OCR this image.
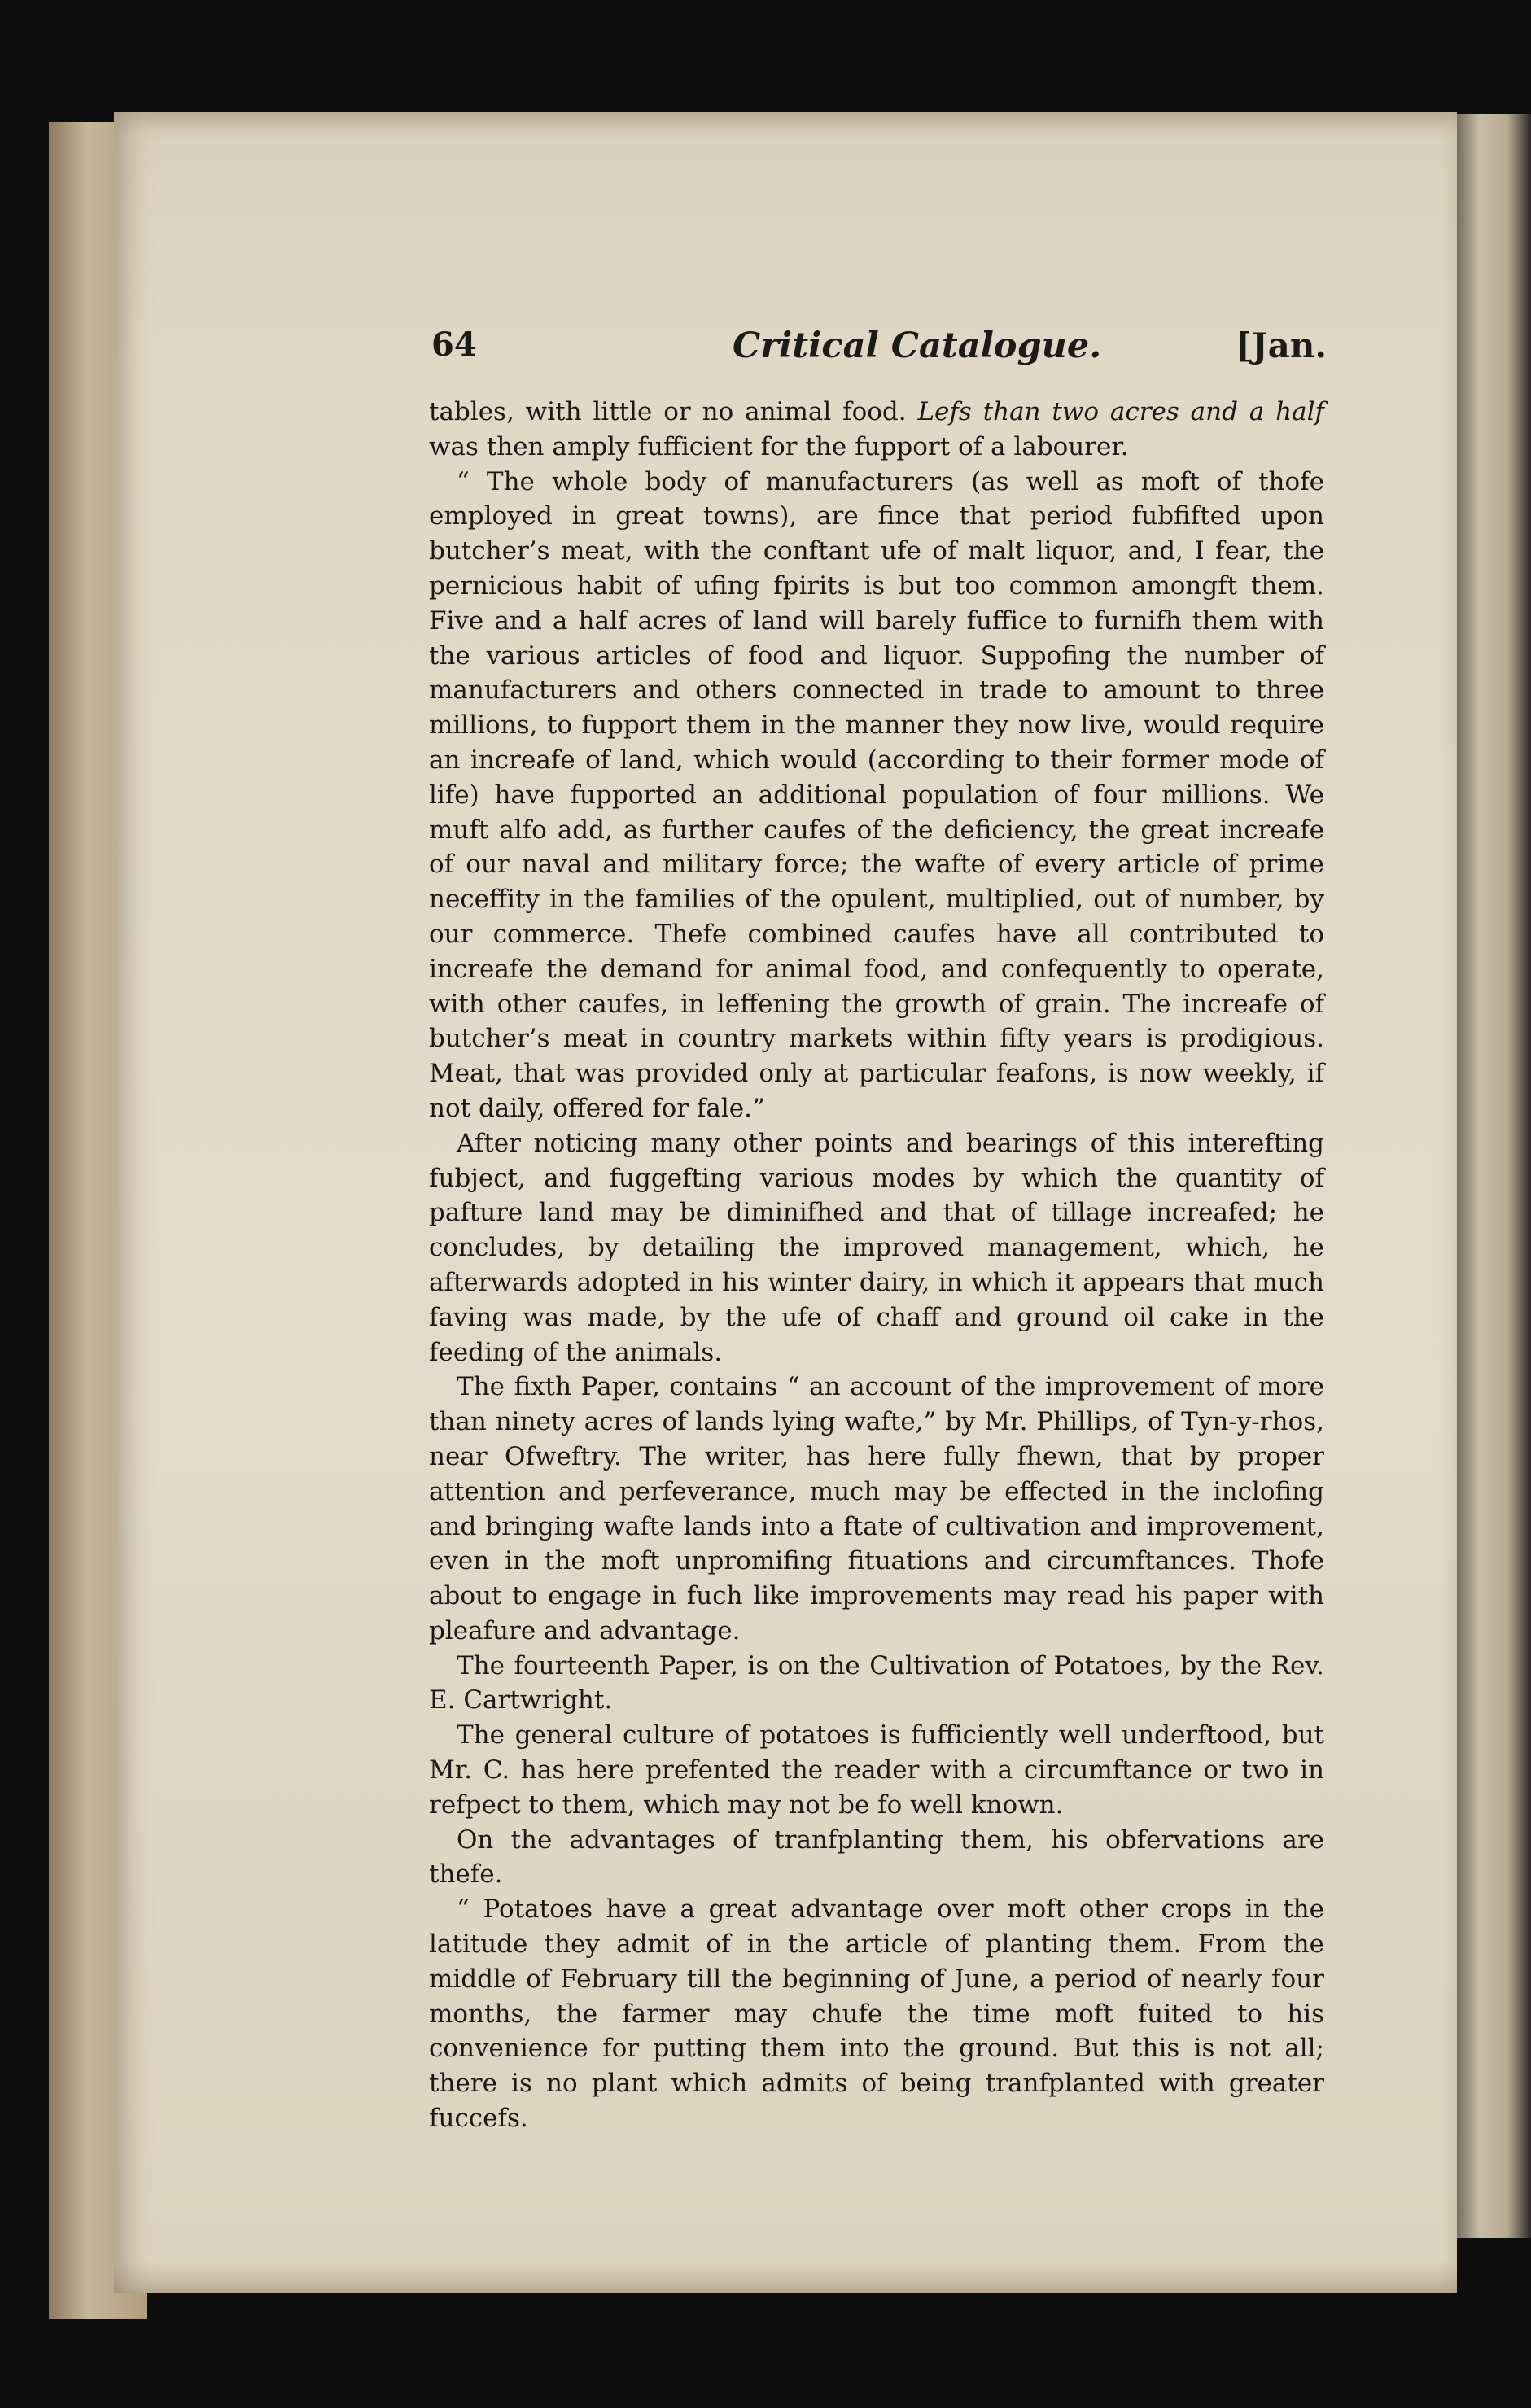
64	Critical Catalogue.	[Jan.

tables, with little or no animal food. Lefs than two acres and a half was then amply fufficient for the fupport of a labourer.

“ The whole body of manufacturers (as well as moft of thofe employed in great towns), are fince that period fubfifted upon butcher’s meat, with the conftant ufe of malt liquor, and, I fear, the pernicious habit of ufing fpirits is but too common amongft them. Five and a half acres of land will barely fuffice to furnifh them with the various articles of food and liquor. Suppofing the number of manufacturers and others connected in trade to amount to three millions, to fupport them in the manner they now live, would require an increafe of land, which would (according to their former mode of life) have fupported an additional population of four millions. We muft alfo add, as further caufes of the deficiency, the great increafe of our naval and military force; the wafte of every article of prime neceffity in the families of the opulent, multiplied, out of number, by our commerce. Thefe combined caufes have all contributed to increafe the demand for animal food, and confequently to operate, with other caufes, in leffening the growth of grain. The increafe of butcher’s meat in country markets within fifty years is prodigious. Meat, that was provided only at particular feafons, is now weekly, if not daily, offered for fale.”

After noticing many other points and bearings of this interefting fubject, and fuggefting various modes by which the quantity of pafture land may be diminifhed and that of tillage increafed; he concludes, by detailing the improved management, which, he afterwards adopted in his winter dairy, in which it appears that much faving was made, by the ufe of chaff and ground oil cake in the feeding of the animals.

The fixth Paper, contains “ an account of the improvement of more than ninety acres of lands lying wafte,” by Mr. Phillips, of Tyn-y-rhos, near Ofweftry. The writer, has here fully fhewn, that by proper attention and perfeverance, much may be effected in the inclofing and bringing wafte lands into a ftate of cultivation and improvement, even in the moft unpromifing fituations and circumftances. Thofe about to engage in fuch like improvements may read his paper with pleafure and advantage.

The fourteenth Paper, is on the Cultivation of Potatoes, by the Rev. E. Cartwright.

The general culture of potatoes is fufficiently well underftood, but Mr. C. has here prefented the reader with a circumftance or two in refpect to them, which may not be fo well known.

On the advantages of tranfplanting them, his obfervations are thefe.

“ Potatoes have a great advantage over moft other crops in the latitude they admit of in the article of planting them. From the middle of February till the beginning of June, a period of nearly four months, the farmer may chufe the time moft fuited to his convenience for putting them into the ground. But this is not all; there is no plant which admits of being tranfplanted with greater fuccefs.
